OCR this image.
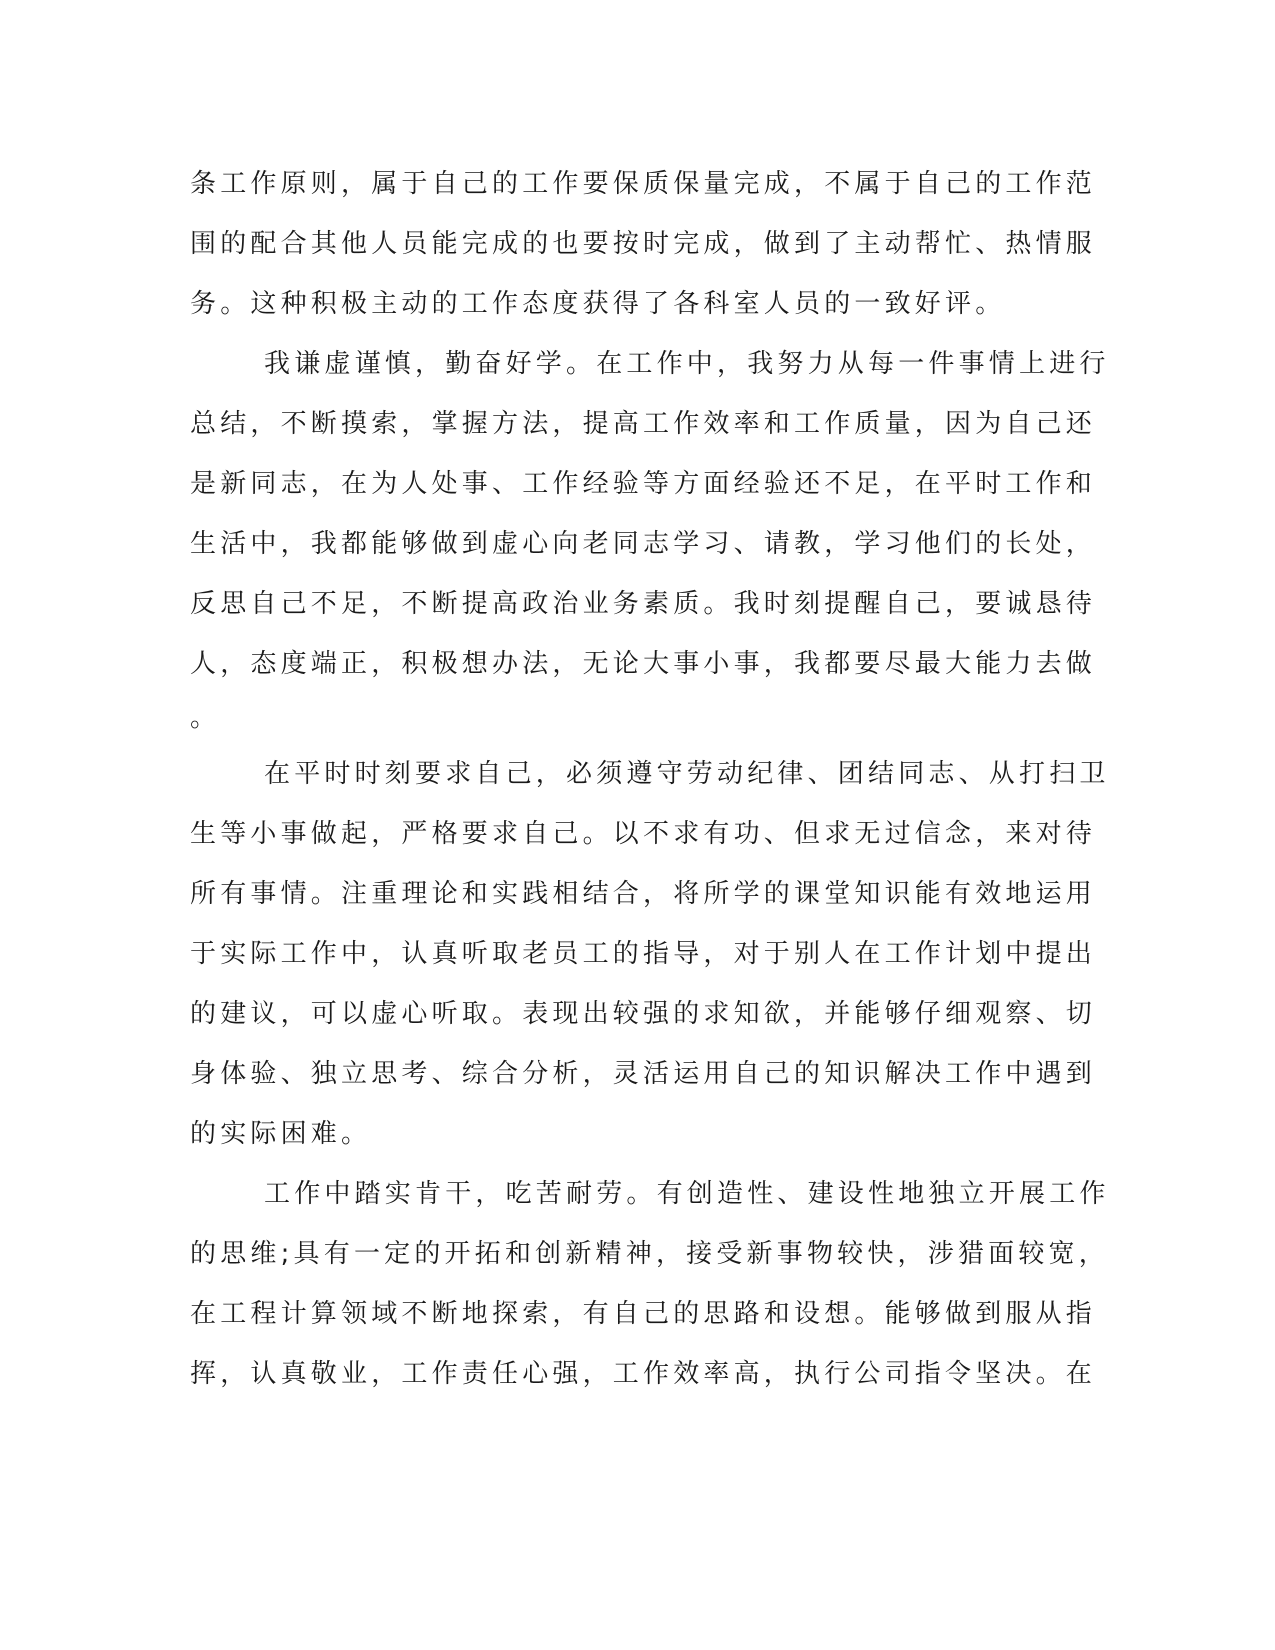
条工作原则，属于自己的工作要保质保量完成，不属于自己的工作范
围的配合其他人员能完成的也要按时完成，做到了主动帮忙、热情服
务。这种积极主动的工作态度获得了各科室人员的一致好评。
我谦虚谨慎，勤奋好学。在工作中，我努力从每一件事情上进行
总结，不断摸索，掌握方法，提高工作效率和工作质量，因为自己还
是新同志，在为人处事、工作经验等方面经验还不足，在平时工作和
生活中，我都能够做到虚心向老同志学习、请教，学习他们的长处，
反思自己不足，不断提高政治业务素质。我时刻提醒自己，要诚恳待
人，态度端正，积极想办法，无论大事小事，我都要尽最大能力去做
。
在平时时刻要求自己，必须遵守劳动纪律、团结同志、从打扫卫
生等小事做起，严格要求自己。以不求有功、但求无过信念，来对待
所有事情。注重理论和实践相结合，将所学的课堂知识能有效地运用
于实际工作中，认真听取老员工的指导，对于别人在工作计划中提出
的建议，可以虚心听取。表现出较强的求知欲，并能够仔细观察、切
身体验、独立思考、综合分析，灵活运用自己的知识解决工作中遇到
的实际困难。
工作中踏实肯干，吃苦耐劳。有创造性、建设性地独立开展工作
的思维;具有一定的开拓和创新精神，接受新事物较快，涉猎面较宽，
在工程计算领域不断地探索，有自己的思路和设想。能够做到服从指
挥，认真敬业，工作责任心强，工作效率高，执行公司指令坚决。在
